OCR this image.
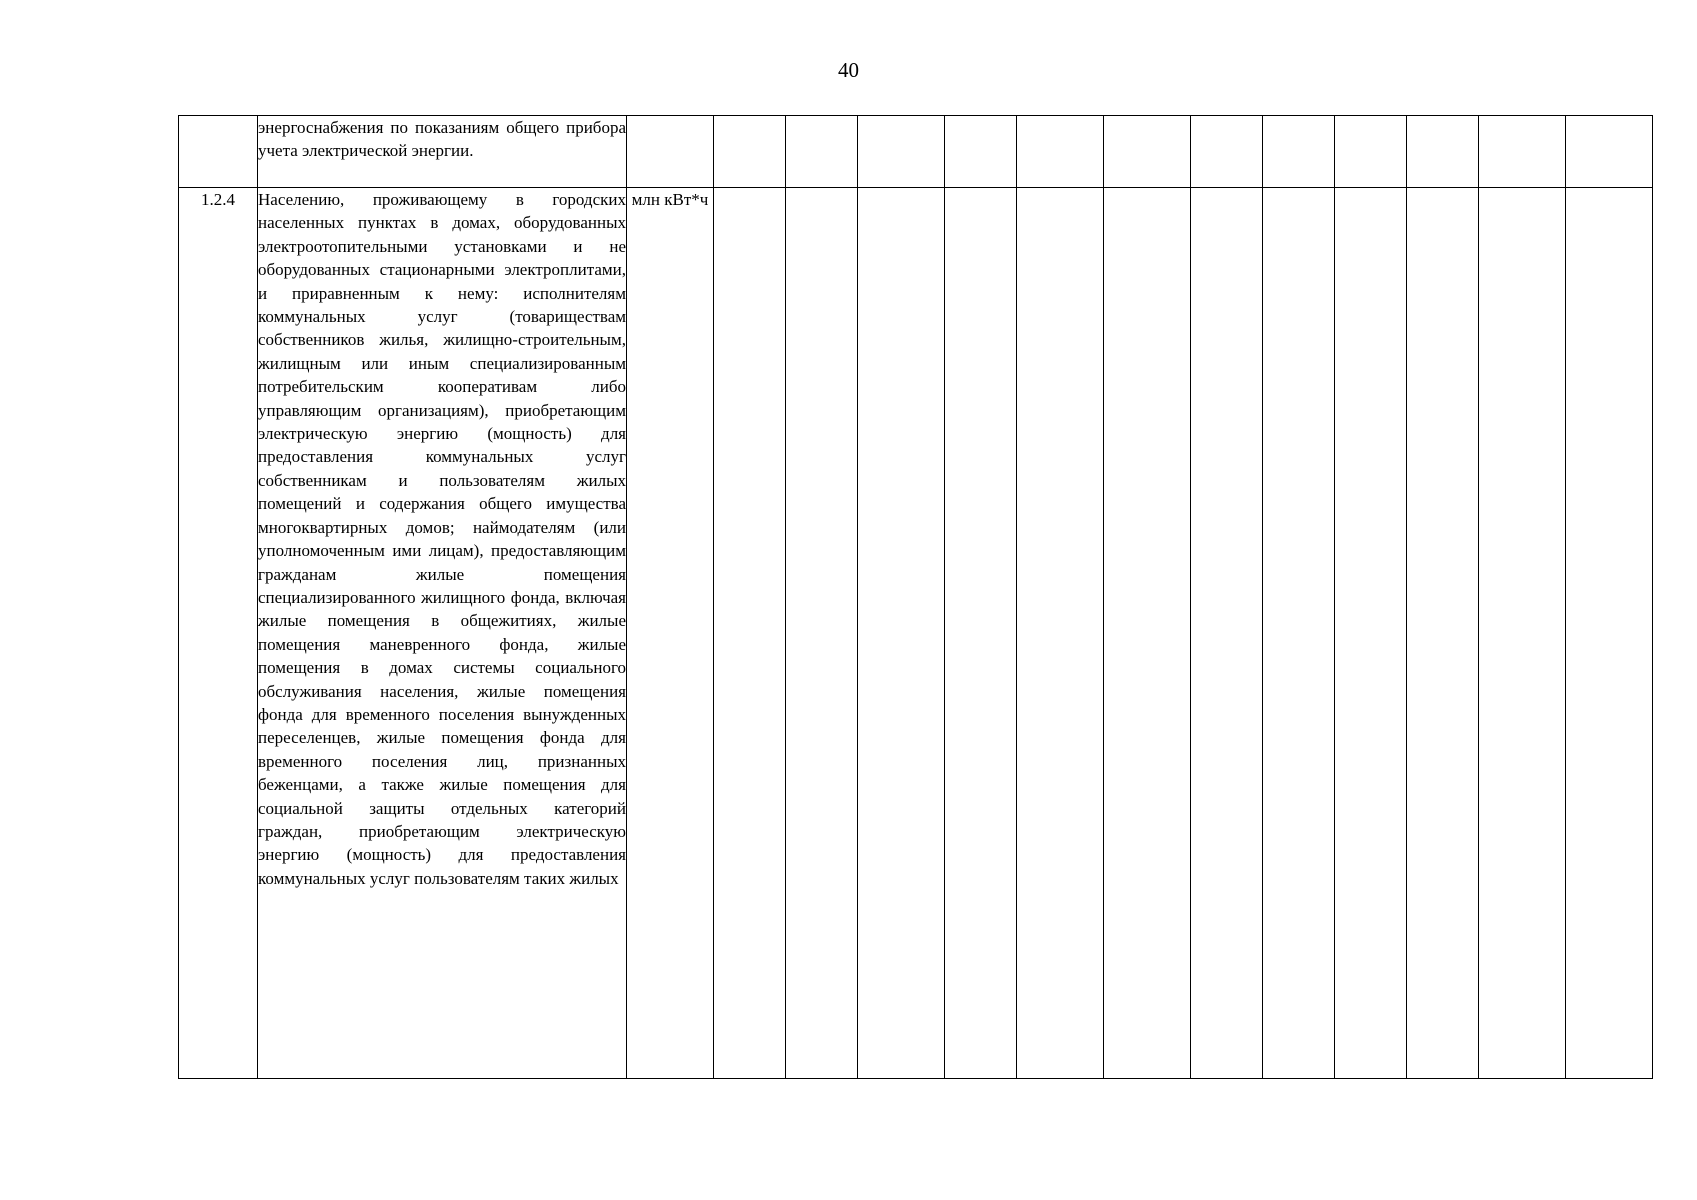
40

	энергоснабжения по показаниям общего прибора учета электрической энергии.													

1.2.4	Населению, проживающему в городских населенных пунктах в домах, оборудованных электроотопительными установками и не оборудованных стационарными электроплитами, и приравненным к нему: исполнителям коммунальных услуг (товариществам собственников жилья, жилищно-строительным, жилищным или иным специализированным потребительским кооперативам либо управляющим организациям), приобретающим электрическую энергию (мощность) для предоставления коммунальных услуг собственникам и пользователям жилых помещений и содержания общего имущества многоквартирных домов; наймодателям (или уполномоченным ими лицам), предоставляющим гражданам жилые помещения специализированного жилищного фонда, включая жилые помещения в общежитиях, жилые помещения маневренного фонда, жилые помещения в домах системы социального обслуживания населения, жилые помещения фонда для временного поселения вынужденных переселенцев, жилые помещения фонда для временного поселения лиц, признанных беженцами, а также жилые помещения для социальной защиты отдельных категорий граждан, приобретающим электрическую энергию (мощность) для предоставления коммунальных услуг пользователям таких жилых	млн кВт*ч												
